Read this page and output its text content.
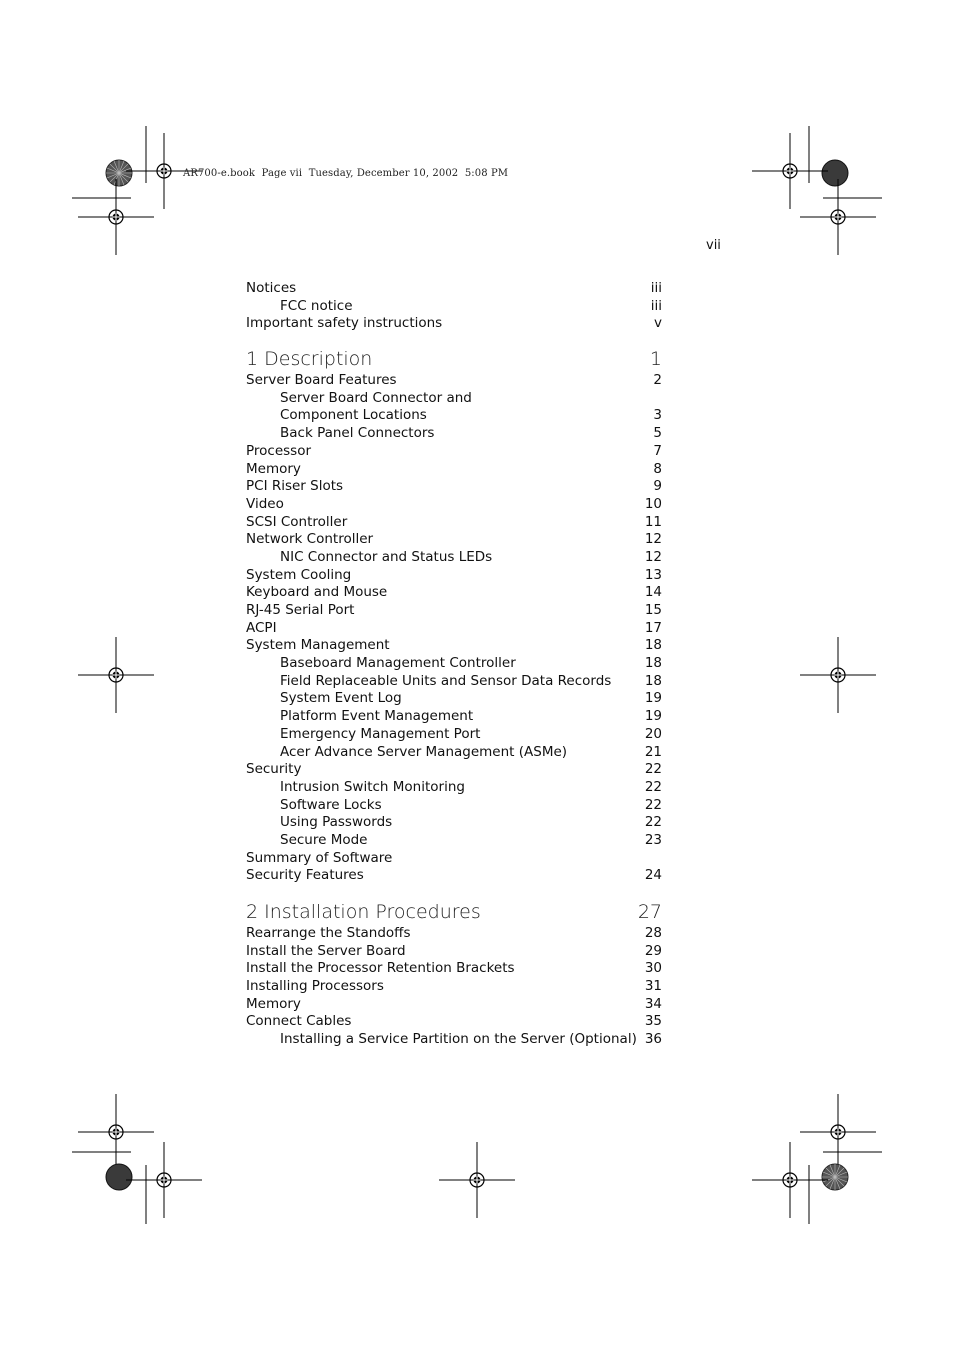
AR700-e.book  Page vii  Tuesday, December 10, 2002  5:08 PM
vii
Notices	iii
FCC notice	iii
Important safety instructions	v
1 Description	1
Server Board Features	2
Server Board Connector and
Component Locations	3
Back Panel Connectors	5
Processor	7
Memory	8
PCI Riser Slots	9
Video	10
SCSI Controller	11
Network Controller	12
NIC Connector and Status LEDs	12
System Cooling	13
Keyboard and Mouse	14
RJ-45 Serial Port	15
ACPI	17
System Management	18
Baseboard Management Controller	18
Field Replaceable Units and Sensor Data Records 18
System Event Log	19
Platform Event Management	19
Emergency Management Port	20
Acer Advance Server Management (ASMe)	21
Security	22
Intrusion Switch Monitoring	22
Software Locks	22
Using Passwords	22
Secure Mode	23
Summary of Software
Security Features	24
2 Installation Procedures	27
Rearrange the Standoffs	28
Install the Server Board	29
Install the Processor Retention Brackets	30
Installing Processors	31
Memory	34
Connect Cables	35
Installing a Service Partition on the Server (Optional) 36
